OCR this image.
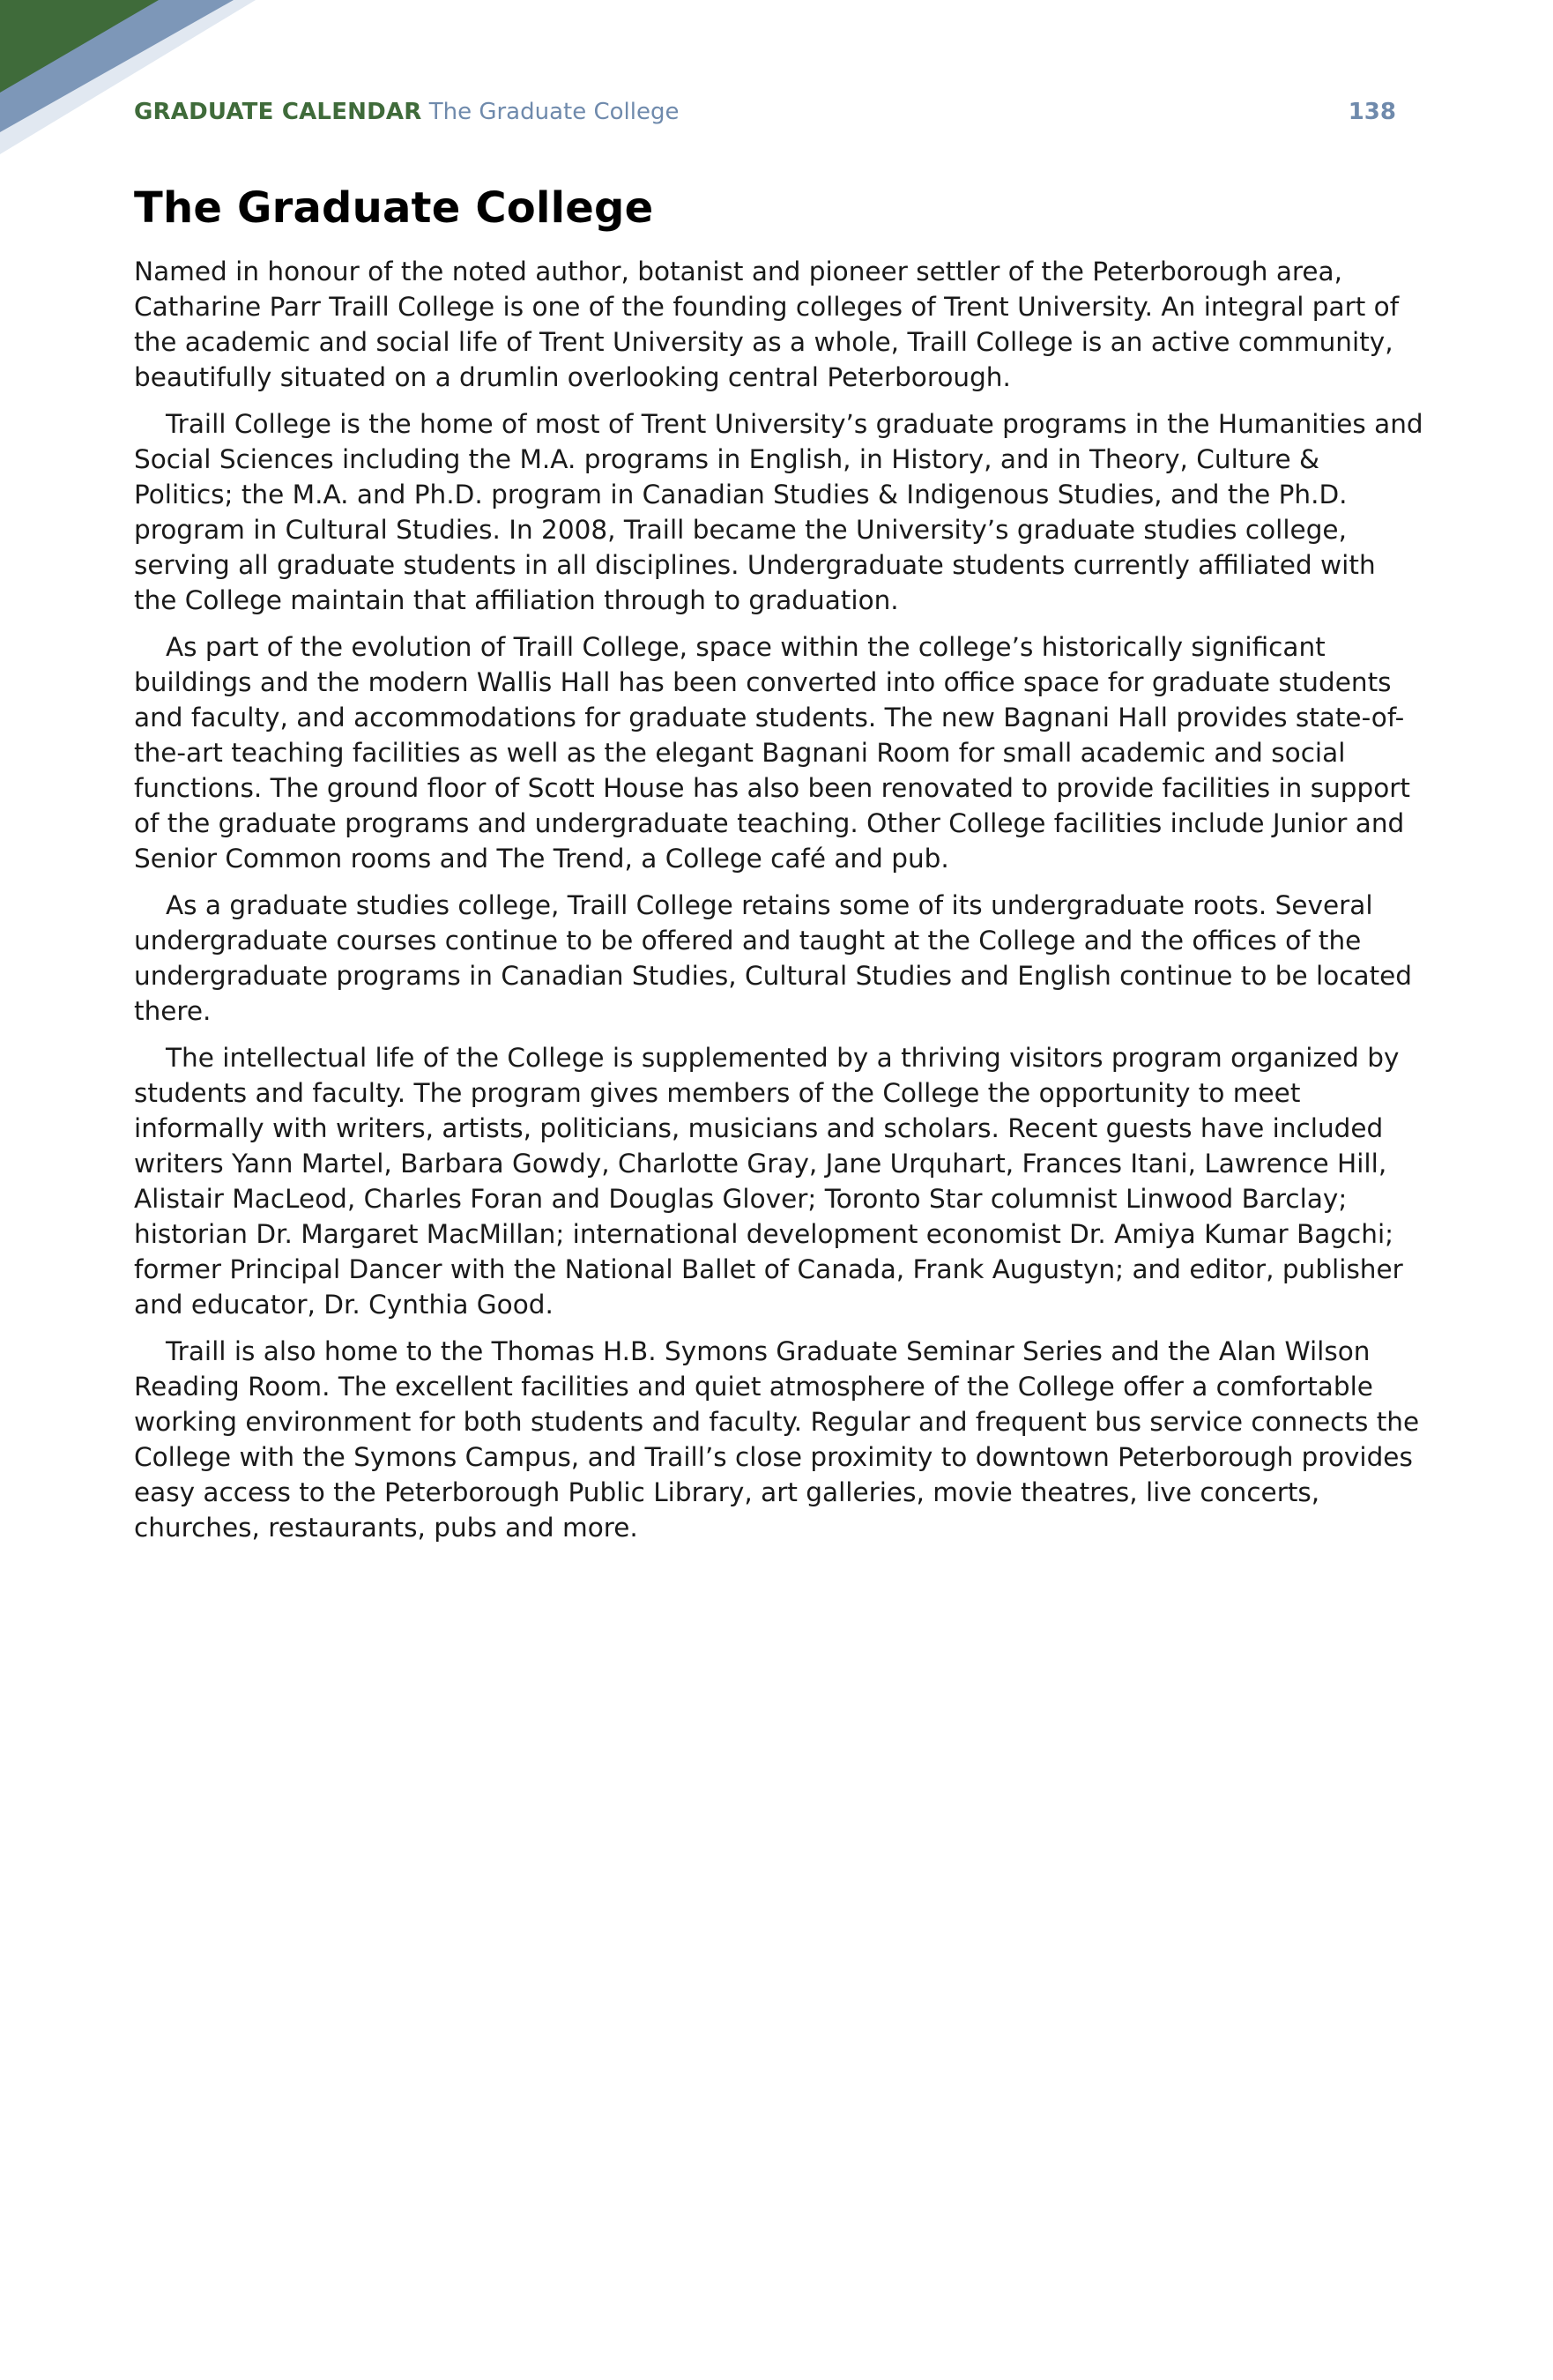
GRADUATE CALENDAR The Graduate College	138
The Graduate College

Named in honour of the noted author, botanist and pioneer settler of the Peterborough area, Catharine Parr Traill College is one of the founding colleges of Trent University. An integral part of the academic and social life of Trent University as a whole, Traill College is an active community, beautifully situated on a drumlin overlooking central Peterborough.

Traill College is the home of most of Trent University’s graduate programs in the Humanities and Social Sciences including the M.A. programs in English, in History, and in Theory, Culture & Politics; the M.A. and Ph.D. program in Canadian Studies & Indigenous Studies, and the Ph.D. program in Cultural Studies. In 2008, Traill became the University’s graduate studies college, serving all graduate students in all disciplines. Undergraduate students currently affiliated with the College maintain that affiliation through to graduation.

As part of the evolution of Traill College, space within the college’s historically significant buildings and the modern Wallis Hall has been converted into office space for graduate students and faculty, and accommodations for graduate students. The new Bagnani Hall provides state-of-the-art teaching facilities as well as the elegant Bagnani Room for small academic and social functions. The ground floor of Scott House has also been renovated to provide facilities in support of the graduate programs and undergraduate teaching. Other College facilities include Junior and Senior Common rooms and The Trend, a College café and pub.

As a graduate studies college, Traill College retains some of its undergraduate roots. Several undergraduate courses continue to be offered and taught at the College and the offices of the undergraduate programs in Canadian Studies, Cultural Studies and English continue to be located there.

The intellectual life of the College is supplemented by a thriving visitors program organized by students and faculty. The program gives members of the College the opportunity to meet informally with writers, artists, politicians, musicians and scholars. Recent guests have included writers Yann Martel, Barbara Gowdy, Charlotte Gray, Jane Urquhart, Frances Itani, Lawrence Hill, Alistair MacLeod, Charles Foran and Douglas Glover; Toronto Star columnist Linwood Barclay; historian Dr. Margaret MacMillan; international development economist Dr. Amiya Kumar Bagchi; former Principal Dancer with the National Ballet of Canada, Frank Augustyn; and editor, publisher and educator, Dr. Cynthia Good.

Traill is also home to the Thomas H.B. Symons Graduate Seminar Series and the Alan Wilson Reading Room. The excellent facilities and quiet atmosphere of the College offer a comfortable working environment for both students and faculty. Regular and frequent bus service connects the College with the Symons Campus, and Traill’s close proximity to downtown Peterborough provides easy access to the Peterborough Public Library, art galleries, movie theatres, live concerts, churches, restaurants, pubs and more.
